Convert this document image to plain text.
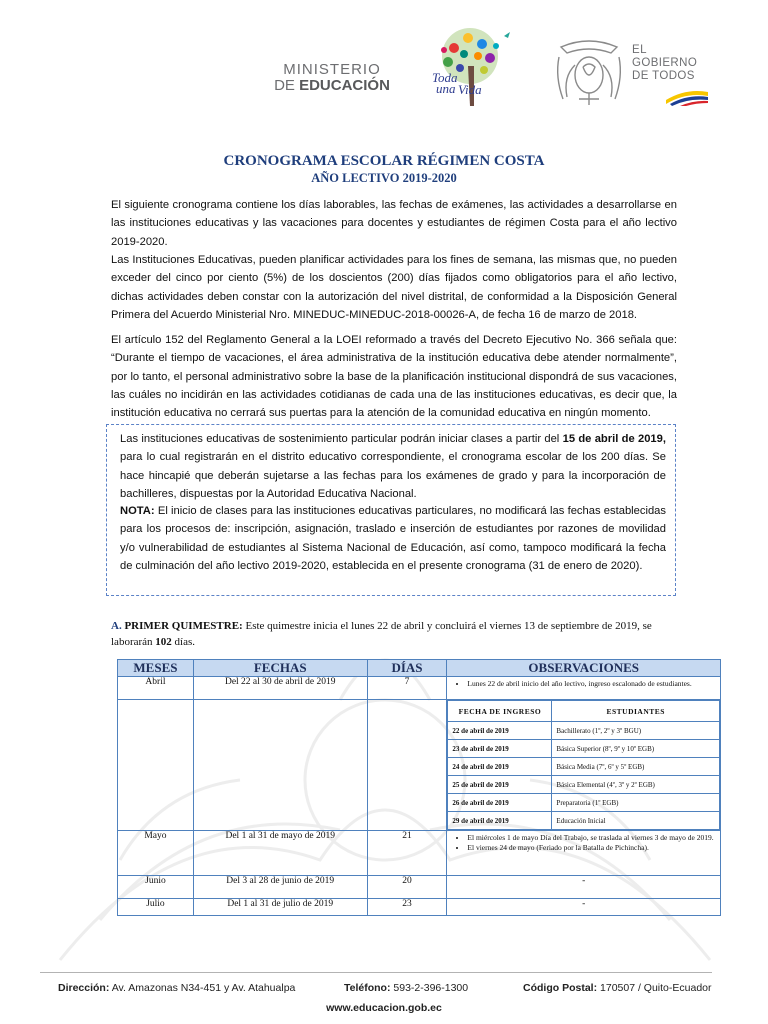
MINISTERIO
DE EDUCACIÓN	Toda
una Vida
EL
GOBIERNO
DE TODOS
CRONOGRAMA ESCOLAR RÉGIMEN COSTA
AÑO LECTIVO 2019-2020
El siguiente cronograma contiene los días laborables, las fechas de exámenes, las actividades a desarrollarse en las instituciones educativas y las vacaciones para docentes y estudiantes de régimen Costa para el año lectivo 2019-2020.
Las Instituciones Educativas, pueden planificar actividades para los fines de semana, las mismas que, no pueden exceder del cinco por ciento (5%) de los doscientos (200) días fijados como obligatorios para el año lectivo, dichas actividades deben constar con la autorización del nivel distrital, de conformidad a la Disposición General Primera del Acuerdo Ministerial Nro. MINEDUC-MINEDUC-2018-00026-A, de fecha 16 de marzo de 2018.
El artículo 152 del Reglamento General a la LOEI reformado a través del Decreto Ejecutivo No. 366 señala que: “Durante el tiempo de vacaciones, el área administrativa de la institución educativa debe atender normalmente”, por lo tanto, el personal administrativo sobre la base de la planificación institucional dispondrá de sus vacaciones, las cuáles no incidirán en las actividades cotidianas de cada una de las instituciones educativas, es decir que, la institución educativa no cerrará sus puertas para la atención de la comunidad educativa en ningún momento.
Las instituciones educativas de sostenimiento particular podrán iniciar clases a partir del 15 de abril de 2019, para lo cual registrarán en el distrito educativo correspondiente, el cronograma escolar de los 200 días. Se hace hincapié que deberán sujetarse a las fechas para los exámenes de grado y para la incorporación de bachilleres, dispuestas por la Autoridad Educativa Nacional.
NOTA: El inicio de clases para las instituciones educativas particulares, no modificará las fechas establecidas para los procesos de: inscripción, asignación, traslado e inserción de estudiantes por razones de movilidad y/o vulnerabilidad de estudiantes al Sistema Nacional de Educación, así como, tampoco modificará la fecha de culminación del año lectivo 2019-2020, establecida en el presente cronograma (31 de enero de 2020).
A. PRIMER QUIMESTRE: Este quimestre inicia el lunes 22 de abril y concluirá el viernes 13 de septiembre de 2019, se laborarán 102 días.
MESES	FECHAS	DÍAS	OBSERVACIONES
Abril	Del 22 al 30 de abril de 2019	7	
•Lunes 22 de abril inicio del año lectivo, ingreso escalonado de estudiantes.

FECHA DE INGRESO	ESTUDIANTES
22 de abril de 2019	Bachillerato (1º, 2º y 3º BGU)
23 de abril de 2019	Básica Superior (8º, 9º y 10º EGB)
24 de abril de 2019	Básica Media (7º, 6º y 5º EGB)
25 de abril de 2019	Básica Elemental (4º, 3º y 2º EGB)
26 de abril de 2019	Preparatoria (1º EGB)
29 de abril de 2019	Educación Inicial

Mayo	Del 1 al 31 de mayo de 2019	21	
•El miércoles 1 de mayo Día del Trabajo, se traslada al viernes 3 de mayo de 2019.
• El viernes 24 de mayo (Feriado por la Batalla de Pichincha).

Junio	Del 3 al 28 de junio de 2019	20	-
Julio	Del 1 al 31 de julio de 2019	23	-
Dirección: Av. Amazonas N34-451 y Av. Atahualpa	Teléfono: 593-2-396-1300	Código Postal: 170507 / Quito-Ecuador
www.educacion.gob.ec
